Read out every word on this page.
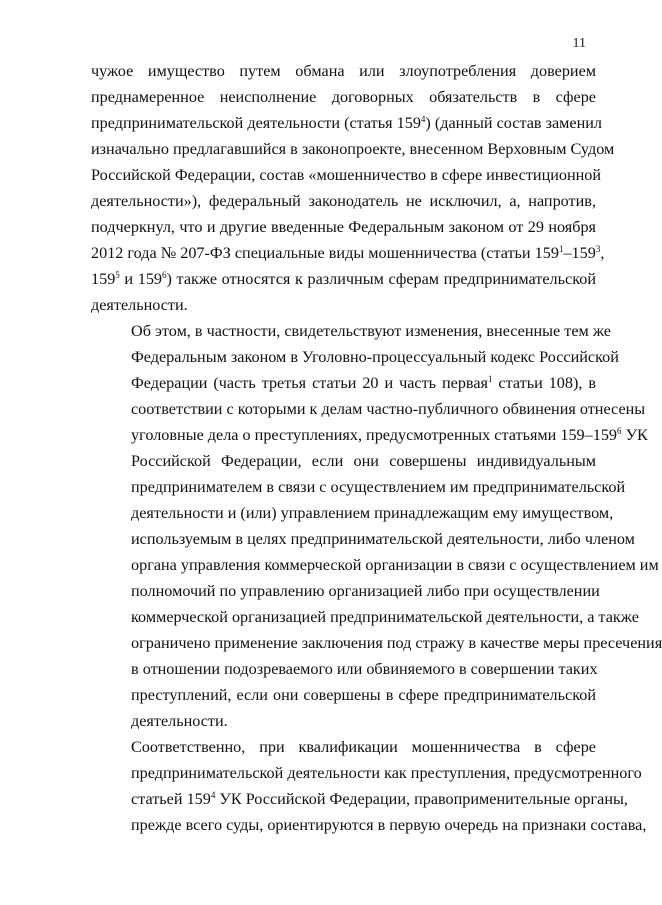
11

чужое имущество путем обмана или злоупотребления доверием
преднамеренное неисполнение договорных обязательств в сфере
предпринимательской деятельности (статья $159^4$) (данный состав заменил
изначально предлагавшийся в законопроекте, внесенном Верховным Судом
Российской Федерации, состав «мошенничество в сфере инвестиционной
деятельности»), федеральный законодатель не исключил, а, напротив,
подчеркнул, что и другие введенные Федеральным законом от 29 ноября
2012 года № 207-ФЗ специальные виды мошенничества (статьи $159^1-159^3$,
$159^5$ и $159^6$) также относятся к различным сферам предпринимательской
деятельности.

Об этом, в частности, свидетельствуют изменения, внесенные тем же
Федеральным законом в Уголовно-процессуальный кодекс Российской
Федерации (часть третья статьи 20 и часть первая$^1$ статьи 108), в
соответствии с которыми к делам частно-публичного обвинения отнесены
уголовные дела о преступлениях, предусмотренных статьями $159-159^6$ УК
Российской Федерации, если они совершены индивидуальным
предпринимателем в связи с осуществлением им предпринимательской
деятельности и (или) управлением принадлежащим ему имуществом,
используемым в целях предпринимательской деятельности, либо членом
органа управления коммерческой организации в связи с осуществлением им
полномочий по управлению организацией либо при осуществлении
коммерческой организацией предпринимательской деятельности, а также
ограничено применение заключения под стражу в качестве меры пресечения
в отношении подозреваемого или обвиняемого в совершении таких
преступлений, если они совершены в сфере предпринимательской
деятельности.

Соответственно, при квалификации мошенничества в сфере
предпринимательской деятельности как преступления, предусмотренного
статьей $159^4$ УК Российской Федерации, правоприменительные органы,
прежде всего суды, ориентируются в первую очередь на признаки состава,
